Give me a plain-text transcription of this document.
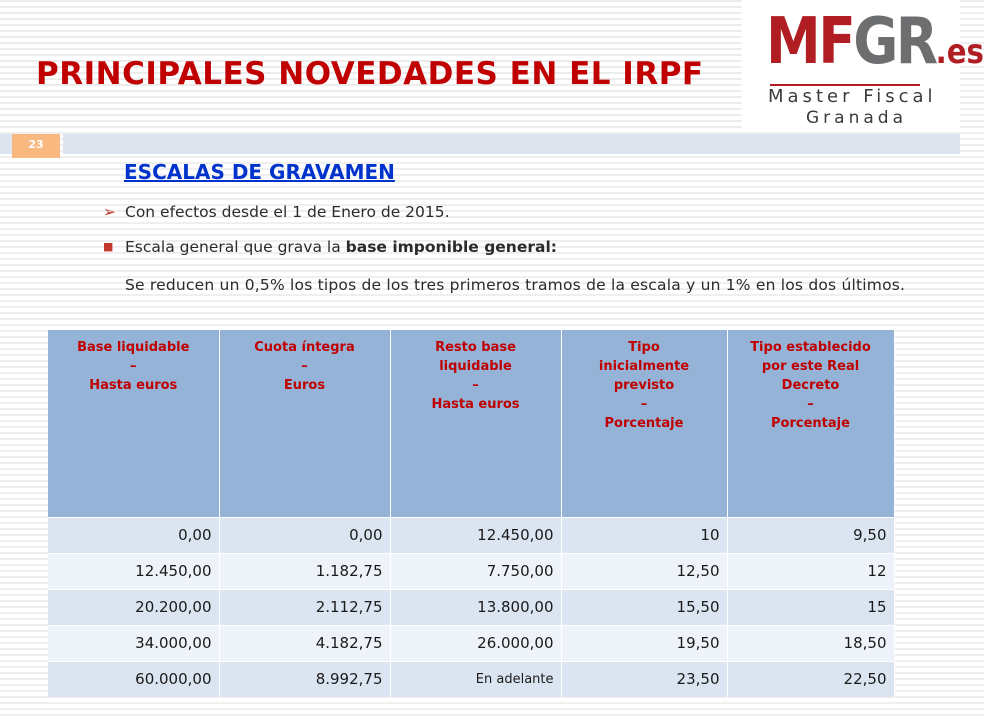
PRINCIPALES NOVEDADES EN EL IRPF MFGR.es
Master Fiscal
Granada
23
ESCALAS DE GRAVAMEN
➢ Con efectos desde el 1 de Enero de 2015.
■ Escala general que grava la base imponible general:
Se reducen un 0,5% los tipos de los tres primeros tramos de la escala y un 1% en los dos últimos.
Base liquidable
–
Hasta euros	Cuota íntegra
–
Euros	Resto base
liquidable
–
Hasta euros	Tipo
inicialmente
previsto
–
Porcentaje	Tipo establecido
por este Real
Decreto
–
Porcentaje

0,00	0,00	12.450,00	10	9,50
12.450,00	1.182,75	7.750,00	12,50	12
20.200,00	2.112,75	13.800,00	15,50	15
34.000,00	4.182,75	26.000,00	19,50	18,50
60.000,00	8.992,75	En adelante	23,50	22,50
